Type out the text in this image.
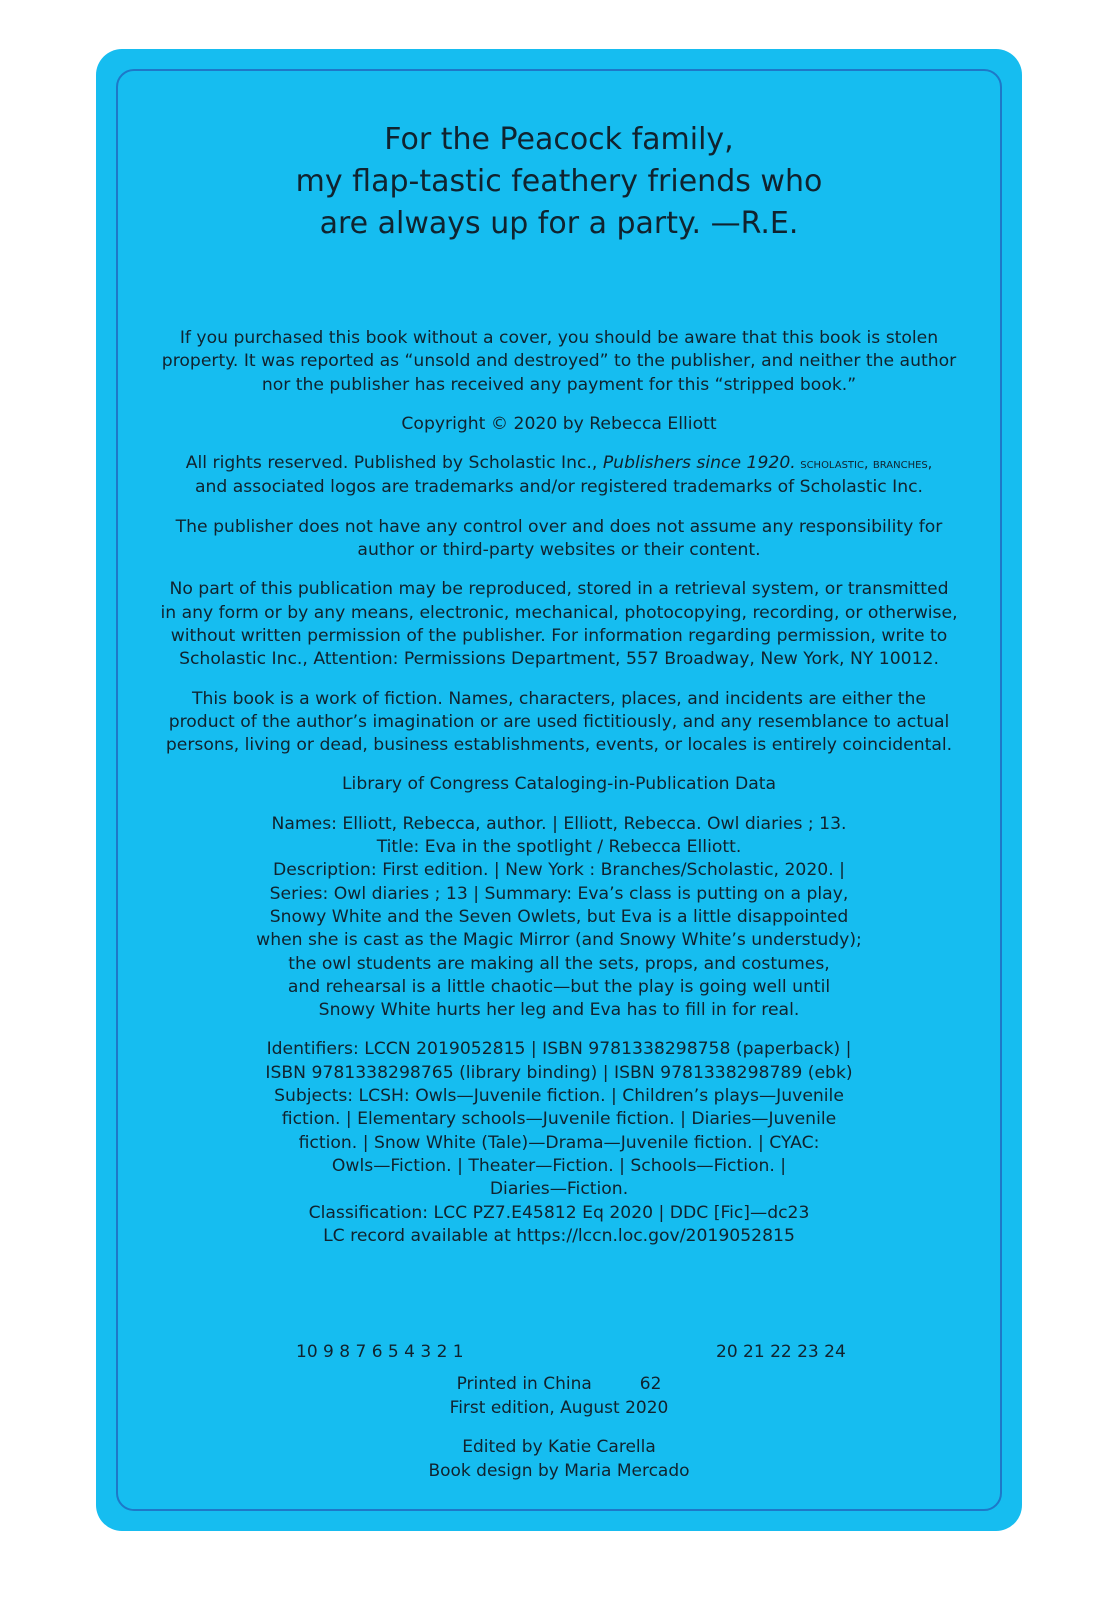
For the Peacock family,
my flap-tastic feathery friends who
are always up for a party. —R.E.

If you purchased this book without a cover, you should be aware that this book is stolen
property. It was reported as “unsold and destroyed” to the publisher, and neither the author
nor the publisher has received any payment for this “stripped book.”

Copyright © 2020 by Rebecca Elliott

All rights reserved. Published by Scholastic Inc., Publishers since 1920. scholastic, branches,
and associated logos are trademarks and/or registered trademarks of Scholastic Inc.

The publisher does not have any control over and does not assume any responsibility for
author or third-party websites or their content.

No part of this publication may be reproduced, stored in a retrieval system, or transmitted
in any form or by any means, electronic, mechanical, photocopying, recording, or otherwise,
without written permission of the publisher. For information regarding permission, write to
Scholastic Inc., Attention: Permissions Department, 557 Broadway, New York, NY 10012.

This book is a work of fiction. Names, characters, places, and incidents are either the
product of the author’s imagination or are used fictitiously, and any resemblance to actual
persons, living or dead, business establishments, events, or locales is entirely coincidental.

Library of Congress Cataloging-in-Publication Data

Names: Elliott, Rebecca, author. | Elliott, Rebecca. Owl diaries ; 13.
Title: Eva in the spotlight / Rebecca Elliott.
Description: First edition. | New York : Branches/Scholastic, 2020. |
Series: Owl diaries ; 13 | Summary: Eva’s class is putting on a play,
Snowy White and the Seven Owlets, but Eva is a little disappointed
when she is cast as the Magic Mirror (and Snowy White’s understudy);
the owl students are making all the sets, props, and costumes,
and rehearsal is a little chaotic—but the play is going well until
Snowy White hurts her leg and Eva has to fill in for real.

Identifiers: LCCN 2019052815 | ISBN 9781338298758 (paperback) |
ISBN 9781338298765 (library binding) | ISBN 9781338298789 (ebk)
Subjects: LCSH: Owls—Juvenile fiction. | Children’s plays—Juvenile
fiction. | Elementary schools—Juvenile fiction. | Diaries—Juvenile
fiction. | Snow White (Tale)—Drama—Juvenile fiction. | CYAC:
Owls—Fiction. | Theater—Fiction. | Schools—Fiction. |
Diaries—Fiction.
Classification: LCC PZ7.E45812 Eq 2020 | DDC [Fic]—dc23
LC record available at https://lccn.loc.gov/2019052815

10 9 8 7 6 5 4 3 2 1	20 21 22 23 24
Printed in China	62
First edition, August 2020
Edited by Katie Carella
Book design by Maria Mercado
